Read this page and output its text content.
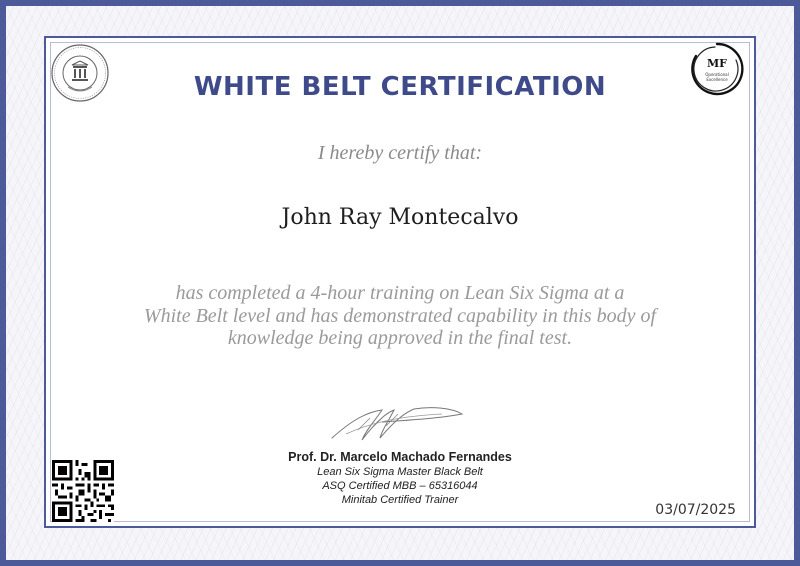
MF
Operational
Excellence
WHITE BELT CERTIFICATION
I hereby certify that:
John Ray Montecalvo
has completed a 4-hour training on Lean Six Sigma at a
White Belt level and has demonstrated capability in this body of
knowledge being approved in the final test.
Prof. Dr. Marcelo Machado Fernandes
Lean Six Sigma Master Black Belt
ASQ Certified MBB – 65316044
Minitab Certified Trainer
03/07/2025
